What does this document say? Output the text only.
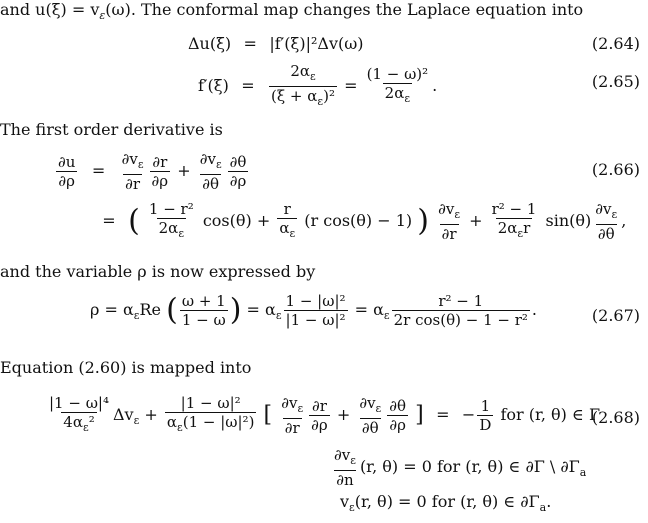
and $u(\xi) = v_\varepsilon(\omega)$. The conformal map changes the Laplace equation into
Δu(ξ) = |f′(ξ)|²Δv(ω)	(2.64)
$f'(\xi) = \frac{2\alpha_\varepsilon}{(\xi + \alpha_\varepsilon)^2} = \frac{\text{(1 − ω)²}}{2\alpha_\varepsilon}$ .	(2.65)
The first order derivative is
$\frac{\partial u}{\partial\rho} = \frac{\partial v_\varepsilon}{\partial r} \frac{\partial r}{\partial\rho} + \frac{\partial v_\varepsilon}{\partial\theta} \frac{\partial\theta}{\partial\rho}$	(2.66)
= ( $\frac{\text{1 − r²}}{2\alpha_\varepsilon} \cos(\theta) + \frac{r}{\alpha_\varepsilon} (r$ cos(θ) − 1) ) $\frac{\partial v_\varepsilon}{\partial r} + \frac{\text{r² − 1}}{2\alpha_\varepsilon r} \sin(\theta) \frac{\partial v_\varepsilon}{\partial\theta}$ ,
and the variable ρ is now expressed by
$\rho = \alpha_\varepsilon Re$ ( $\frac{\omega + 1}{1 - \omega}$ ) = $\alpha_\varepsilon \frac{\text{1 − |ω|²}}{\text{|1 − ω|²}} = \alpha_\varepsilon \frac{\text{r² − 1}}{\text{2r cos(θ) − 1 − r²}}$ .	(2.67)
Equation (2.60) is mapped into
$\frac{\text{|1 − ω|⁴}}{4\alpha_\varepsilon^2} \Delta v_\varepsilon + \frac{\text{|1 − ω|²}}{\alpha_\varepsilon(1 - |\omega|^2)}$ [ $\frac{\partial v_\varepsilon}{\partial r} \frac{\partial r}{\partial\rho} + \frac{\partial v_\varepsilon}{\partial\theta} \frac{\partial\theta}{\partial\rho}$ ] = − $\frac{1}{D}$ for (r, θ) ∈ Γ
(2.68)
$\frac{\partial v_\varepsilon}{\partial n} (r$, θ) = 0 for (r, θ) ∈ ∂Γ \ $\partial\Gamma_a$
$v_\varepsilon(r$, θ) = 0 for (r, θ) ∈ $\partial\Gamma_a$.
